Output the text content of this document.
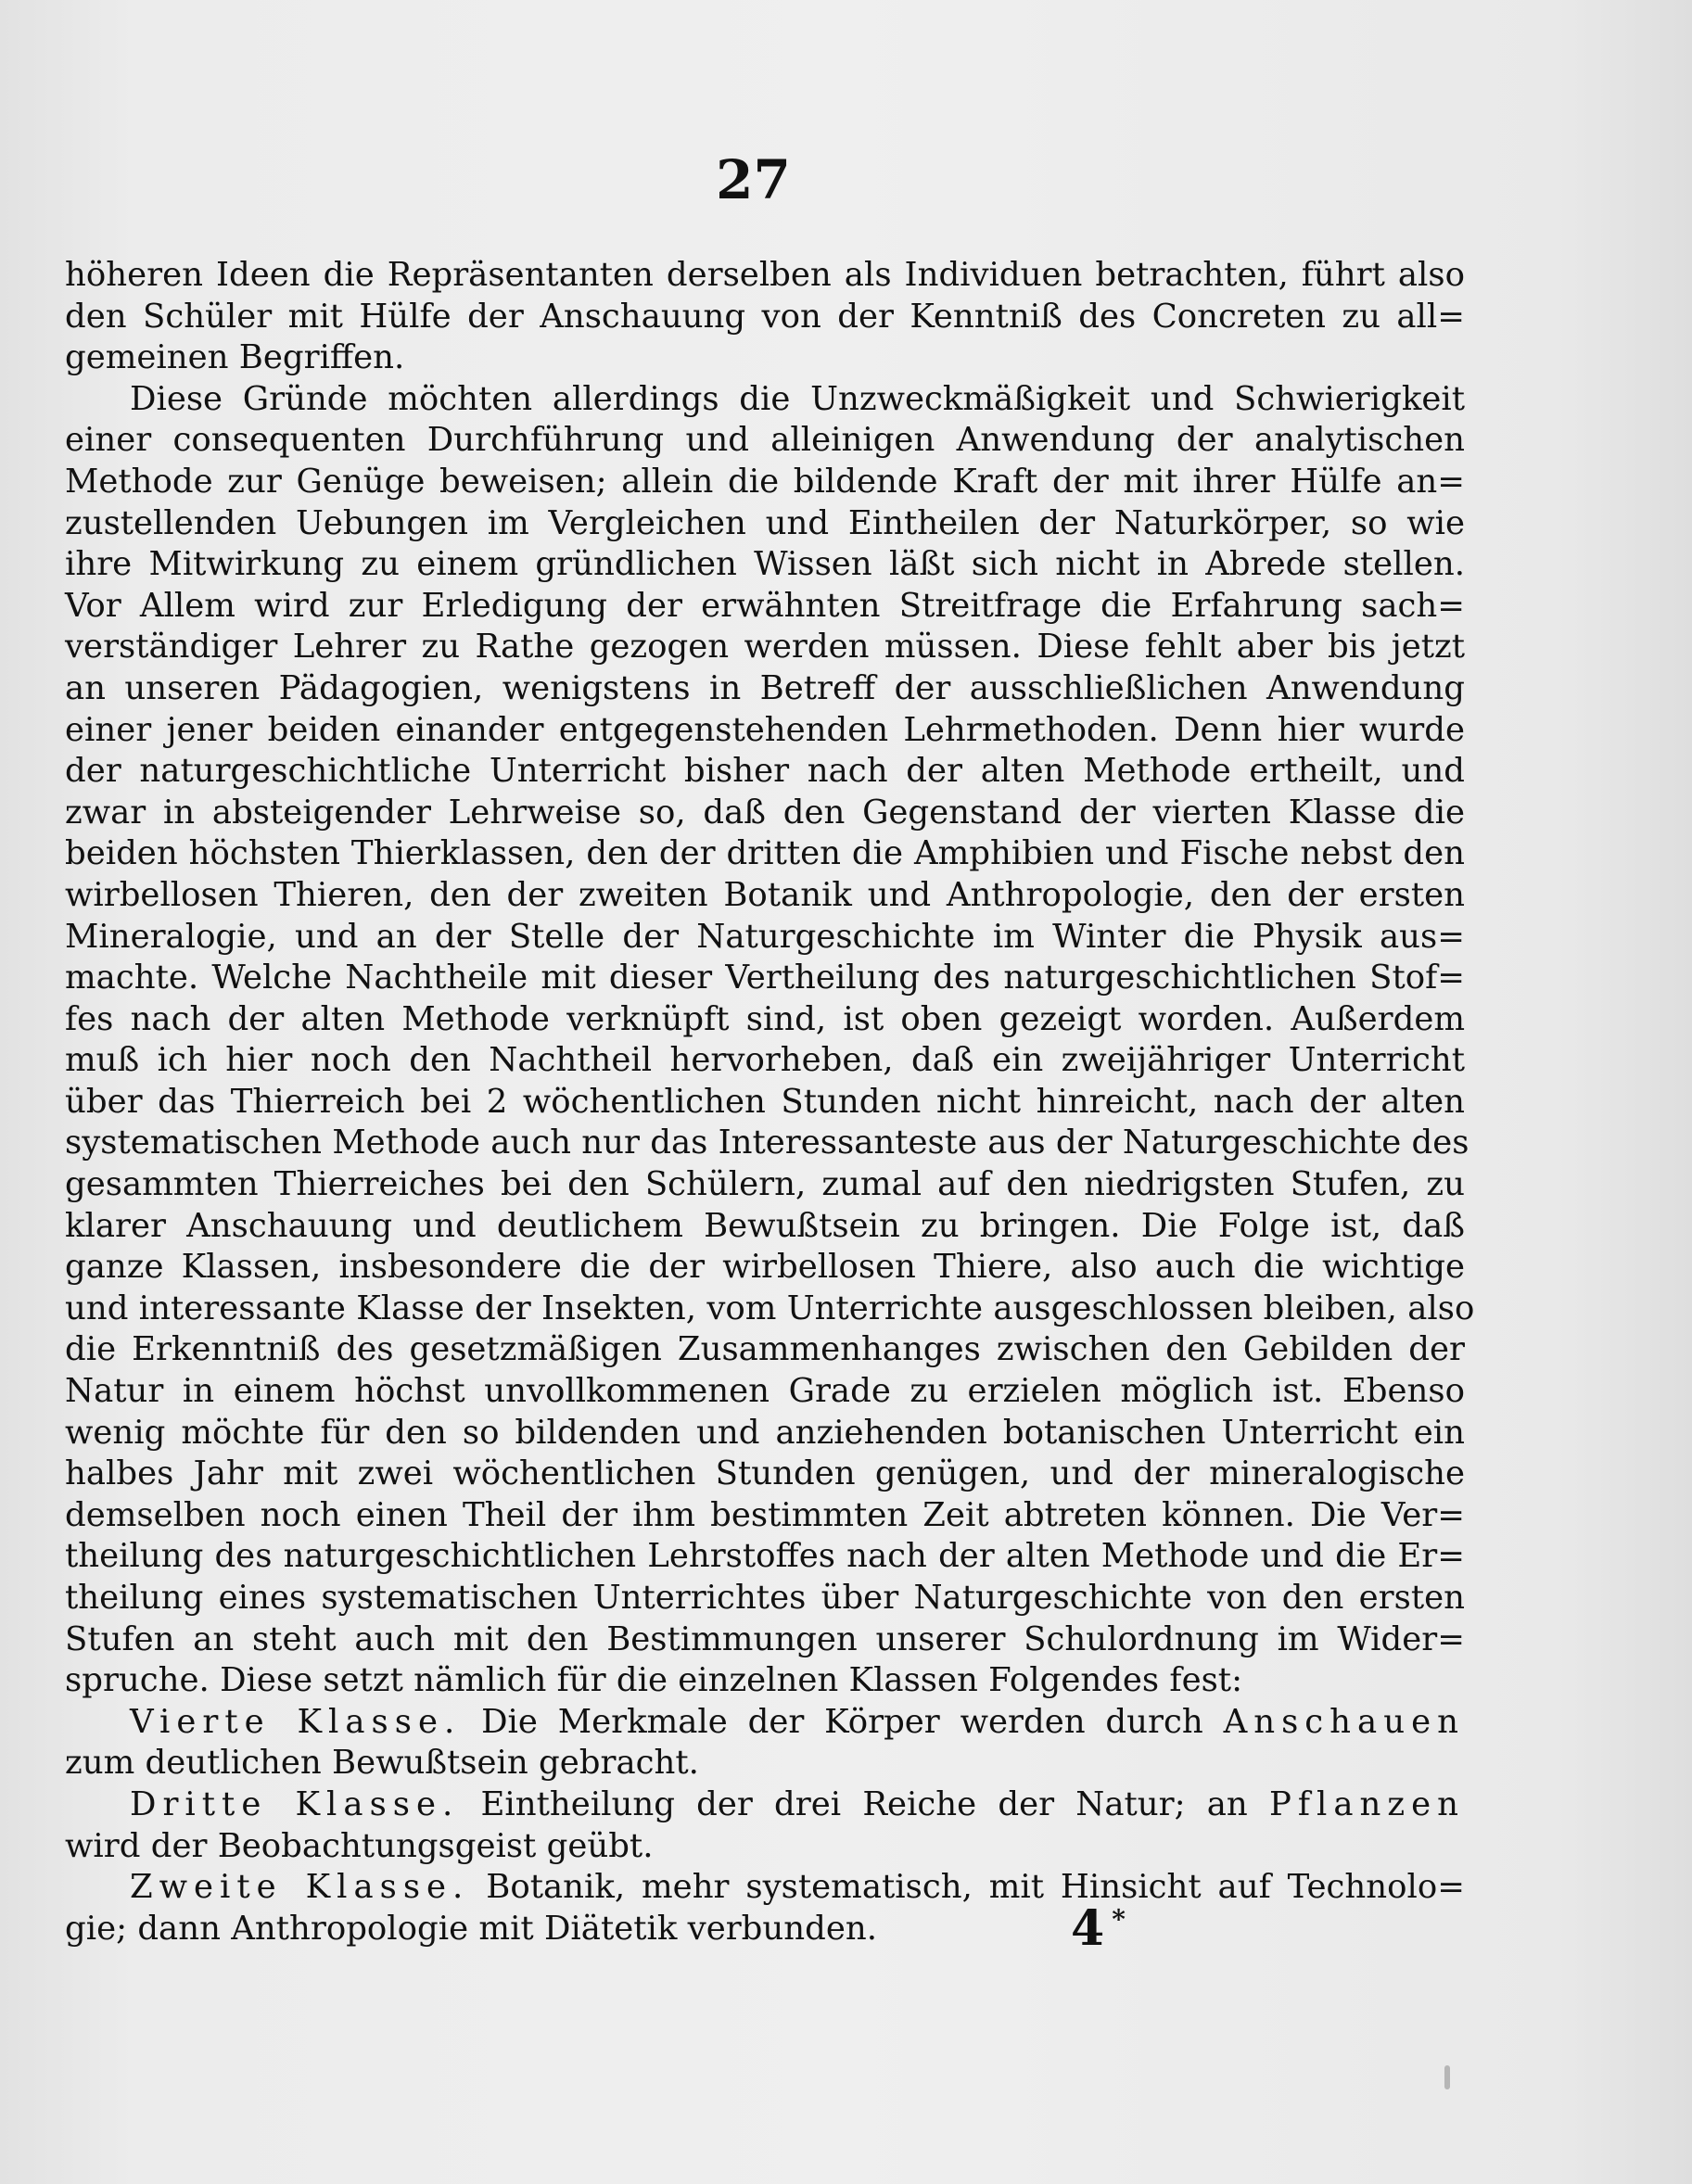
27
höheren Ideen die Repräsentanten derselben als Individuen betrachten, führt also
den Schüler mit Hülfe der Anschauung von der Kenntniß des Concreten zu all=
gemeinen Begriffen.
Diese Gründe möchten allerdings die Unzweckmäßigkeit und Schwierigkeit
einer consequenten Durchführung und alleinigen Anwendung der analytischen
Methode zur Genüge beweisen; allein die bildende Kraft der mit ihrer Hülfe an=
zustellenden Uebungen im Vergleichen und Eintheilen der Naturkörper, so wie
ihre Mitwirkung zu einem gründlichen Wissen läßt sich nicht in Abrede stellen.
Vor Allem wird zur Erledigung der erwähnten Streitfrage die Erfahrung sach=
verständiger Lehrer zu Rathe gezogen werden müssen. Diese fehlt aber bis jetzt
an unseren Pädagogien, wenigstens in Betreff der ausschließlichen Anwendung
einer jener beiden einander entgegenstehenden Lehrmethoden. Denn hier wurde
der naturgeschichtliche Unterricht bisher nach der alten Methode ertheilt, und
zwar in absteigender Lehrweise so, daß den Gegenstand der vierten Klasse die
beiden höchsten Thierklassen, den der dritten die Amphibien und Fische nebst den
wirbellosen Thieren, den der zweiten Botanik und Anthropologie, den der ersten
Mineralogie, und an der Stelle der Naturgeschichte im Winter die Physik aus=
machte. Welche Nachtheile mit dieser Vertheilung des naturgeschichtlichen Stof=
fes nach der alten Methode verknüpft sind, ist oben gezeigt worden. Außerdem
muß ich hier noch den Nachtheil hervorheben, daß ein zweijähriger Unterricht
über das Thierreich bei 2 wöchentlichen Stunden nicht hinreicht, nach der alten
systematischen Methode auch nur das Interessanteste aus der Naturgeschichte des
gesammten Thierreiches bei den Schülern, zumal auf den niedrigsten Stufen, zu
klarer Anschauung und deutlichem Bewußtsein zu bringen. Die Folge ist, daß
ganze Klassen, insbesondere die der wirbellosen Thiere, also auch die wichtige
und interessante Klasse der Insekten, vom Unterrichte ausgeschlossen bleiben, also
die Erkenntniß des gesetzmäßigen Zusammenhanges zwischen den Gebilden der
Natur in einem höchst unvollkommenen Grade zu erzielen möglich ist. Ebenso
wenig möchte für den so bildenden und anziehenden botanischen Unterricht ein
halbes Jahr mit zwei wöchentlichen Stunden genügen, und der mineralogische
demselben noch einen Theil der ihm bestimmten Zeit abtreten können. Die Ver=
theilung des naturgeschichtlichen Lehrstoffes nach der alten Methode und die Er=
theilung eines systematischen Unterrichtes über Naturgeschichte von den ersten
Stufen an steht auch mit den Bestimmungen unserer Schulordnung im Wider=
spruche. Diese setzt nämlich für die einzelnen Klassen Folgendes fest:
Vierte Klasse. Die Merkmale der Körper werden durch Anschauen
zum deutlichen Bewußtsein gebracht.
Dritte Klasse. Eintheilung der drei Reiche der Natur; an Pflanzen
wird der Beobachtungsgeist geübt.
Zweite Klasse. Botanik, mehr systematisch, mit Hinsicht auf Technolo=
gie; dann Anthropologie mit Diätetik verbunden.	4 *
